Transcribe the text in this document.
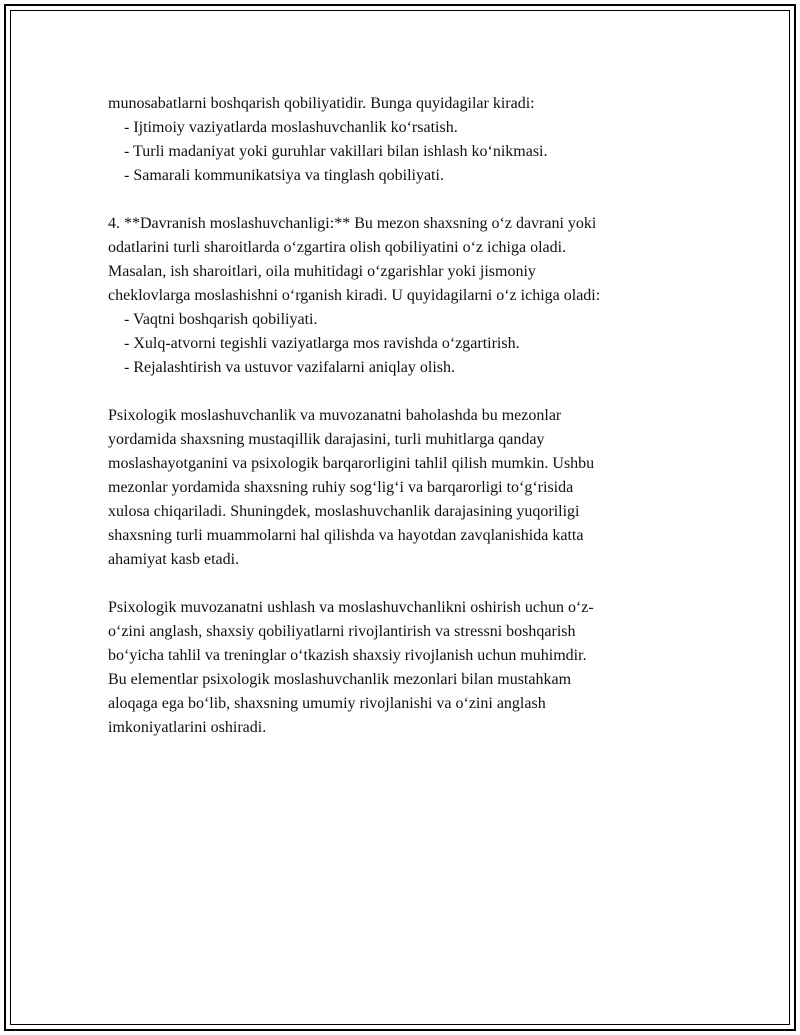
munosabatlarni boshqarish qobiliyatidir. Bunga quyidagilar kiradi:

- Ijtimoiy vaziyatlarda moslashuvchanlik ko‘rsatish.

- Turli madaniyat yoki guruhlar vakillari bilan ishlash ko‘nikmasi.

- Samarali kommunikatsiya va tinglash qobiliyati.

4. **Davranish moslashuvchanligi:** Bu mezon shaxsning o‘z davrani yoki

odatlarini turli sharoitlarda o‘zgartira olish qobiliyatini o‘z ichiga oladi.

Masalan, ish sharoitlari, oila muhitidagi o‘zgarishlar yoki jismoniy

cheklovlarga moslashishni o‘rganish kiradi. U quyidagilarni o‘z ichiga oladi:

- Vaqtni boshqarish qobiliyati.

- Xulq-atvorni tegishli vaziyatlarga mos ravishda o‘zgartirish.

- Rejalashtirish va ustuvor vazifalarni aniqlay olish.

Psixologik moslashuvchanlik va muvozanatni baholashda bu mezonlar

yordamida shaxsning mustaqillik darajasini, turli muhitlarga qanday

moslashayotganini va psixologik barqarorligini tahlil qilish mumkin. Ushbu

mezonlar yordamida shaxsning ruhiy sog‘lig‘i va barqarorligi to‘g‘risida

xulosa chiqariladi. Shuningdek, moslashuvchanlik darajasining yuqoriligi

shaxsning turli muammolarni hal qilishda va hayotdan zavqlanishida katta

ahamiyat kasb etadi.

Psixologik muvozanatni ushlash va moslashuvchanlikni oshirish uchun o‘z-

o‘zini anglash, shaxsiy qobiliyatlarni rivojlantirish va stressni boshqarish

bo‘yicha tahlil va treninglar o‘tkazish shaxsiy rivojlanish uchun muhimdir.

Bu elementlar psixologik moslashuvchanlik mezonlari bilan mustahkam

aloqaga ega bo‘lib, shaxsning umumiy rivojlanishi va o‘zini anglash

imkoniyatlarini oshiradi.
